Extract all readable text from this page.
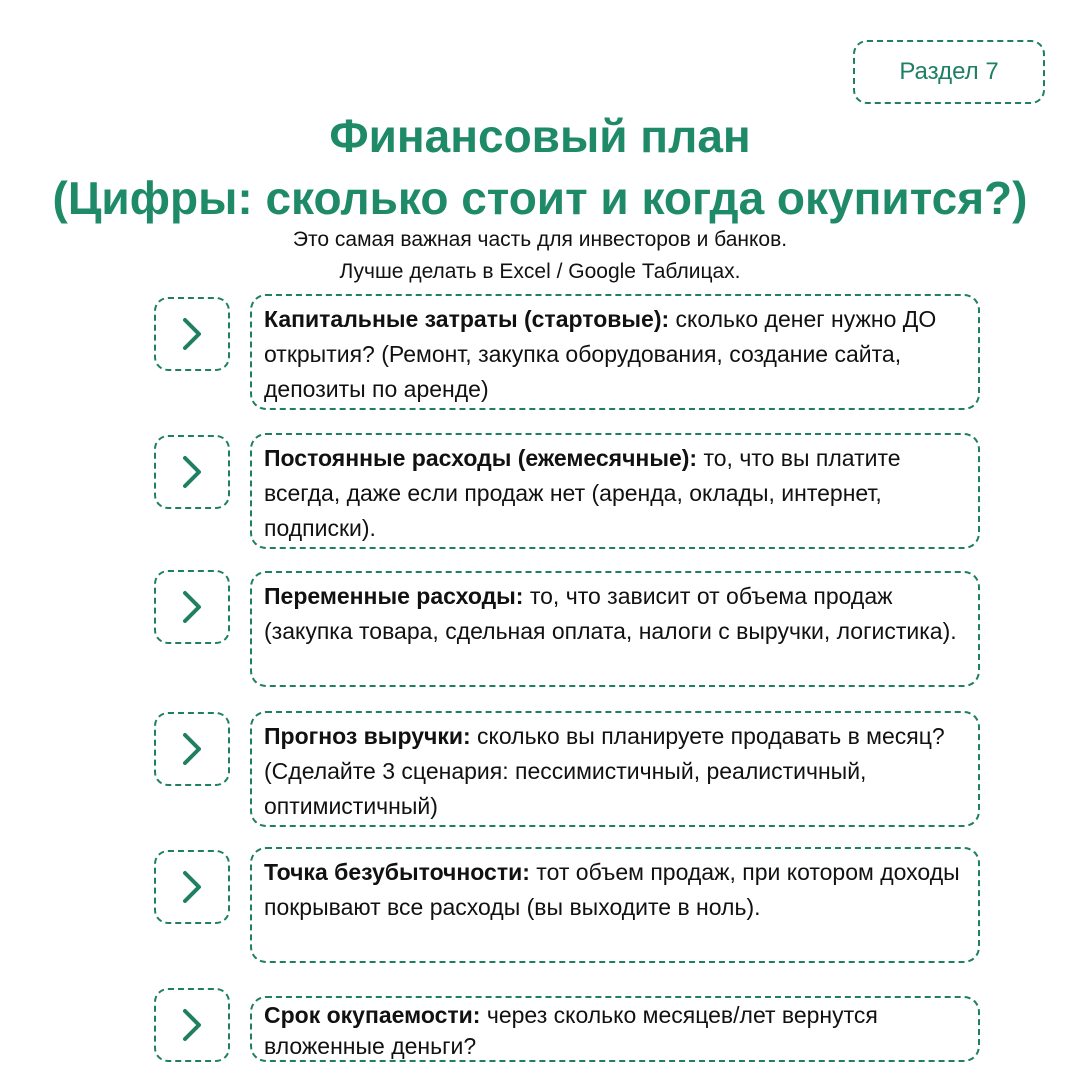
Раздел 7
Финансовый план
(Цифры: сколько стоит и когда окупится?)
Это самая важная часть для инвесторов и банков.
Лучше делать в Excel / Google Таблицах.
Капитальные затраты (стартовые): сколько денег нужно ДО открытия? (Ремонт, закупка оборудования, создание сайта, депозиты по аренде)
Постоянные расходы (ежемесячные): то, что вы платите всегда, даже если продаж нет (аренда, оклады, интернет, подписки).
Переменные расходы: то, что зависит от объема продаж (закупка товара, сдельная оплата, налоги с выручки, логистика).
Прогноз выручки: сколько вы планируете продавать в месяц? (Сделайте 3 сценария: пессимистичный, реалистичный, оптимистичный)
Точка безубыточности: тот объем продаж, при котором доходы покрывают все расходы (вы выходите в ноль).
Срок окупаемости: через сколько месяцев/лет вернутся вложенные деньги?
